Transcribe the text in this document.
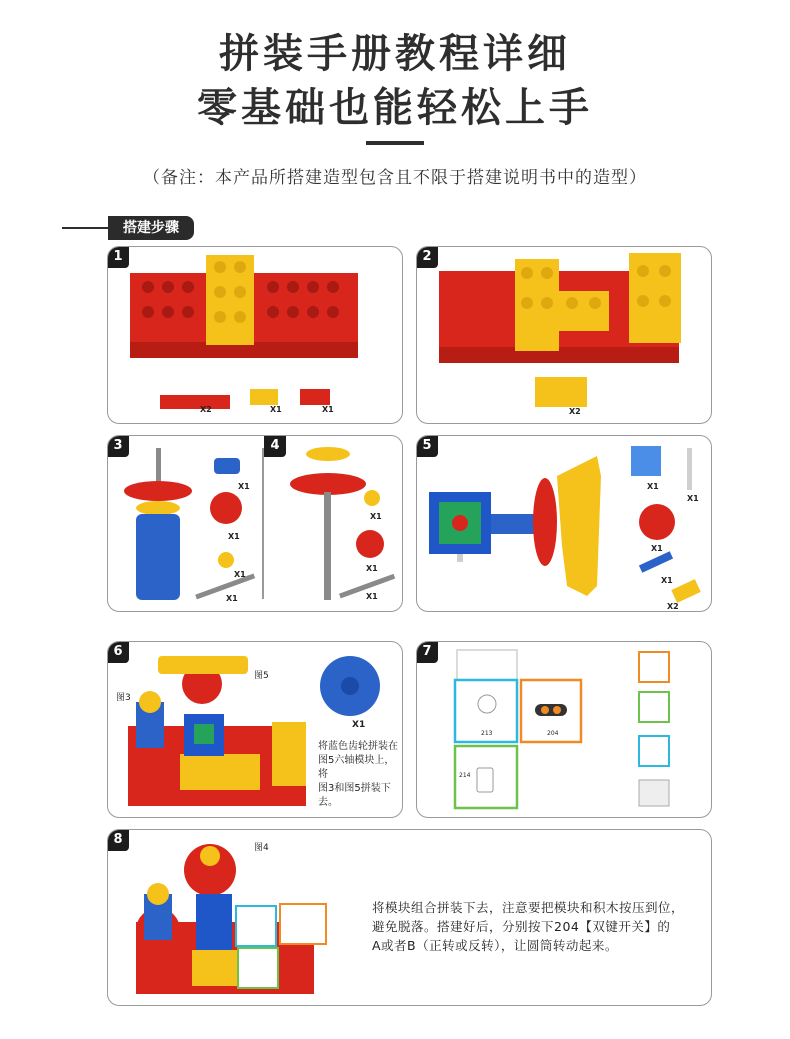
拼装手册教程详细
零基础也能轻松上手
（备注：本产品所搭建造型包含且不限于搭建说明书中的造型）
搭建步骤
1
X2	X1	X1
2
X2
3	4
X1
X1
X1
X1
X1
X1
X1
5
X1
X1
X1
X1
X2
6
图5
图3
X1
将蓝色齿轮拼装在
图5六轴模块上，将
图3和图5拼装下去。
7
213	204
214
8
图4
将模块组合拼装下去，注意要把模块和积木按压到位，
避免脱落。搭建好后，分别按下204【双键开关】的
A或者B（正转或反转），让圆筒转动起来。
